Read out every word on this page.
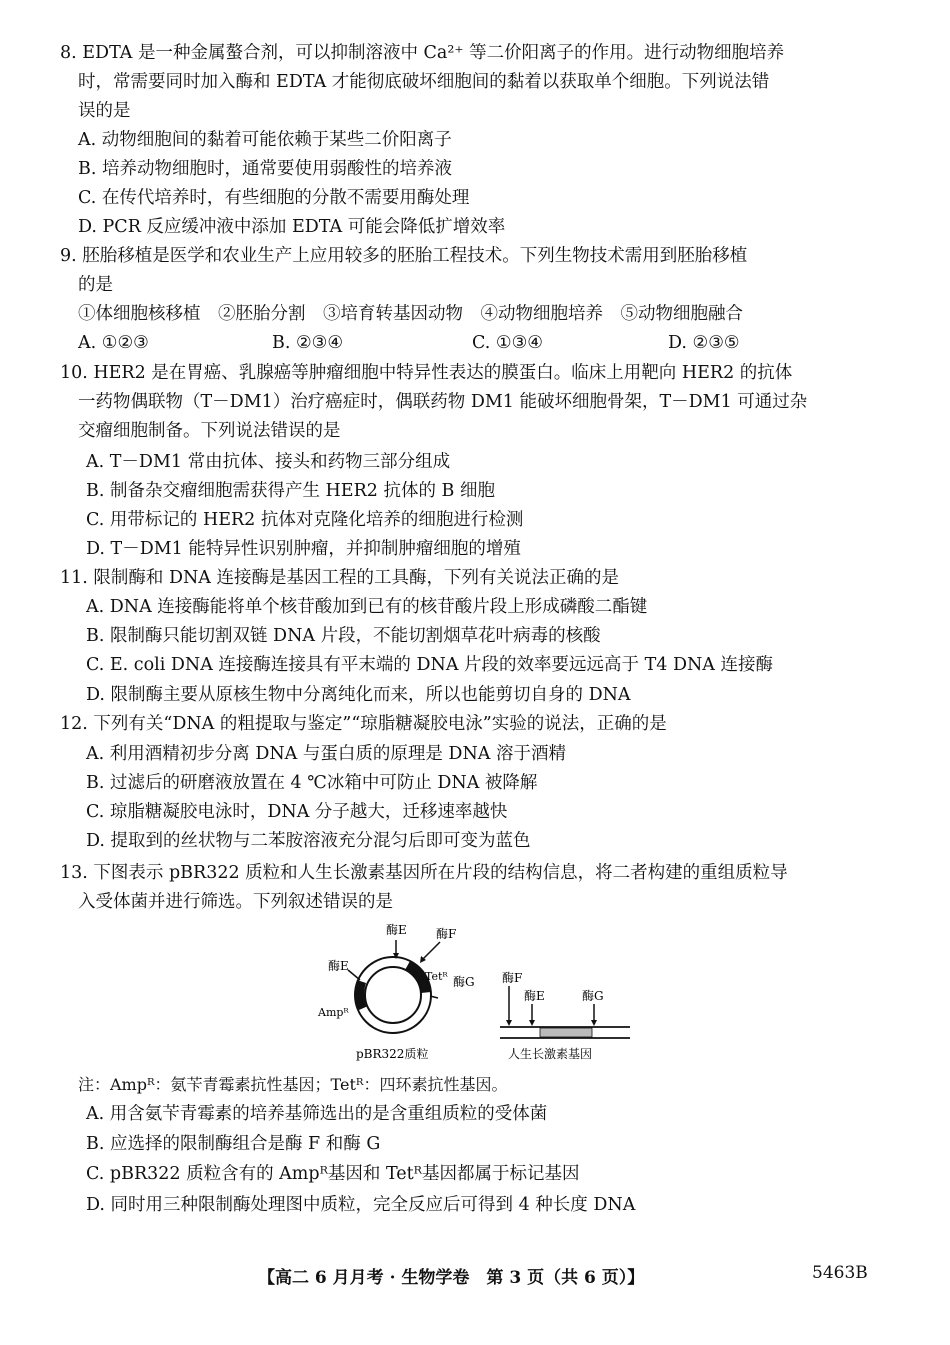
8. EDTA 是一种金属螯合剂，可以抑制溶液中 Ca²⁺ 等二价阳离子的作用。进行动物细胞培养
时，常需要同时加入酶和 EDTA 才能彻底破坏细胞间的黏着以获取单个细胞。下列说法错
误的是
A. 动物细胞间的黏着可能依赖于某些二价阳离子
B. 培养动物细胞时，通常要使用弱酸性的培养液
C. 在传代培养时，有些细胞的分散不需要用酶处理
D. PCR 反应缓冲液中添加 EDTA 可能会降低扩增效率
9. 胚胎移植是医学和农业生产上应用较多的胚胎工程技术。下列生物技术需用到胚胎移植
的是
①体细胞核移植　②胚胎分割　③培育转基因动物　④动物细胞培养　⑤动物细胞融合
A. ①②③	B. ②③④	C. ①③④	D. ②③⑤
10. HER2 是在胃癌、乳腺癌等肿瘤细胞中特异性表达的膜蛋白。临床上用靶向 HER2 的抗体
一药物偶联物（T－DM1）治疗癌症时，偶联药物 DM1 能破坏细胞骨架，T－DM1 可通过杂
交瘤细胞制备。下列说法错误的是
A. T－DM1 常由抗体、接头和药物三部分组成
B. 制备杂交瘤细胞需获得产生 HER2 抗体的 B 细胞
C. 用带标记的 HER2 抗体对克隆化培养的细胞进行检测
D. T－DM1 能特异性识别肿瘤，并抑制肿瘤细胞的增殖
11. 限制酶和 DNA 连接酶是基因工程的工具酶，下列有关说法正确的是
A. DNA 连接酶能将单个核苷酸加到已有的核苷酸片段上形成磷酸二酯键
B. 限制酶只能切割双链 DNA 片段，不能切割烟草花叶病毒的核酸
C. E. coli DNA 连接酶连接具有平末端的 DNA 片段的效率要远远高于 T4 DNA 连接酶
D. 限制酶主要从原核生物中分离纯化而来，所以也能剪切自身的 DNA
12. 下列有关“DNA 的粗提取与鉴定”“琼脂糖凝胶电泳”实验的说法，正确的是
A. 利用酒精初步分离 DNA 与蛋白质的原理是 DNA 溶于酒精
B. 过滤后的研磨液放置在 4 ℃冰箱中可防止 DNA 被降解
C. 琼脂糖凝胶电泳时，DNA 分子越大，迁移速率越快
D. 提取到的丝状物与二苯胺溶液充分混匀后即可变为蓝色
13. 下图表示 pBR322 质粒和人生长激素基因所在片段的结构信息，将二者构建的重组质粒导
入受体菌并进行筛选。下列叙述错误的是
酶E 酶F
酶E
Tetᴿ 酶G
Ampᴿ
pBR322质粒
酶F
酶E	酶G
人生长激素基因
注：Ampᴿ：氨苄青霉素抗性基因；Tetᴿ：四环素抗性基因。
A. 用含氨苄青霉素的培养基筛选出的是含重组质粒的受体菌
B. 应选择的限制酶组合是酶 F 和酶 G
C. pBR322 质粒含有的 Ampᴿ基因和 Tetᴿ基因都属于标记基因
D. 同时用三种限制酶处理图中质粒，完全反应后可得到 4 种长度 DNA
【高二 6 月月考 · 生物学卷　第 3 页（共 6 页）】	5463B
